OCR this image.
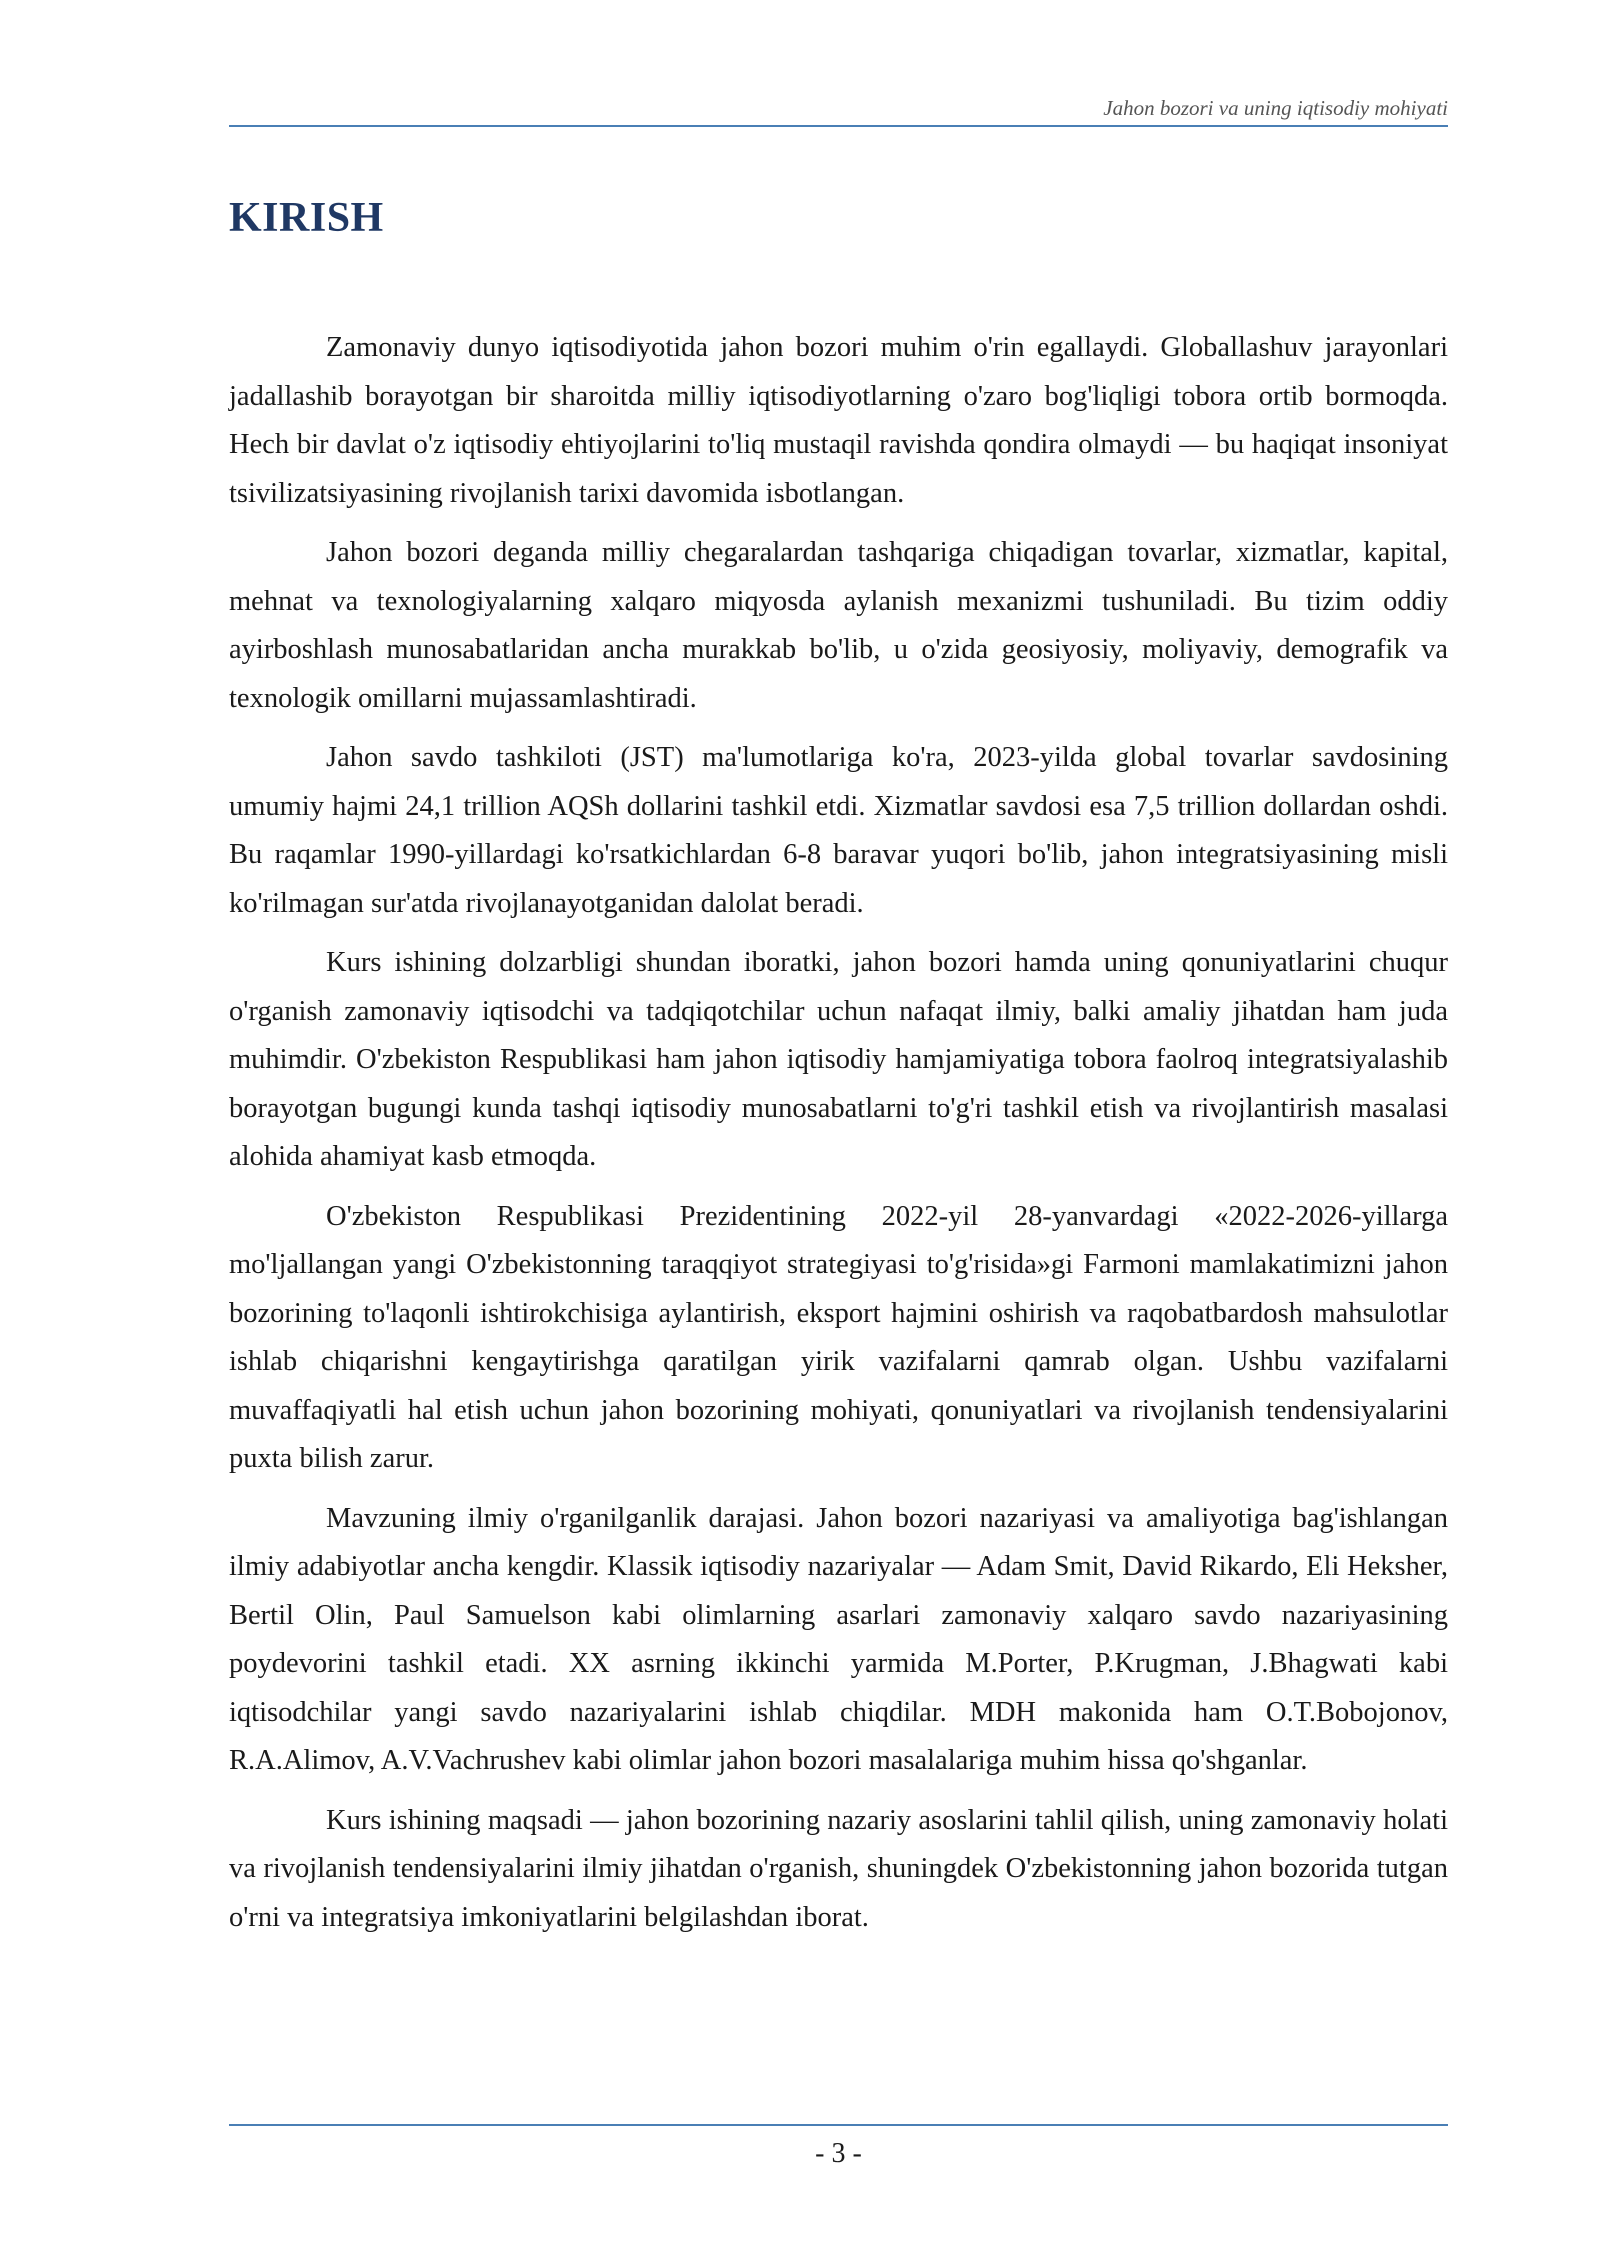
Jahon bozori va uning iqtisodiy mohiyati
KIRISH

Zamonaviy dunyo iqtisodiyotida jahon bozori muhim o'rin egallaydi. Globallashuv jarayonlari jadallashib borayotgan bir sharoitda milliy iqtisodiyotlarning o'zaro bog'liqligi tobora ortib bormoqda. Hech bir davlat o'z iqtisodiy ehtiyojlarini to'liq mustaqil ravishda qondira olmaydi — bu haqiqat insoniyat tsivilizatsiyasining rivojlanish tarixi davomida isbotlangan.

Jahon bozori deganda milliy chegaralardan tashqariga chiqadigan tovarlar, xizmatlar, kapital, mehnat va texnologiyalarning xalqaro miqyosda aylanish mexanizmi tushuniladi. Bu tizim oddiy ayirboshlash munosabatlaridan ancha murakkab bo'lib, u o'zida geosiyosiy, moliyaviy, demografik va texnologik omillarni mujassamlashtiradi.

Jahon savdo tashkiloti (JST) ma'lumotlariga ko'ra, 2023-yilda global tovarlar savdosining umumiy hajmi 24,1 trillion AQSh dollarini tashkil etdi. Xizmatlar savdosi esa 7,5 trillion dollardan oshdi. Bu raqamlar 1990-yillardagi ko'rsatkichlardan 6-8 baravar yuqori bo'lib, jahon integratsiyasining misli ko'rilmagan sur'atda rivojlanayotganidan dalolat beradi.

Kurs ishining dolzarbligi shundan iboratki, jahon bozori hamda uning qonuniyatlarini chuqur o'rganish zamonaviy iqtisodchi va tadqiqotchilar uchun nafaqat ilmiy, balki amaliy jihatdan ham juda muhimdir. O'zbekiston Respublikasi ham jahon iqtisodiy hamjamiyatiga tobora faolroq integratsiyalashib borayotgan bugungi kunda tashqi iqtisodiy munosabatlarni to'g'ri tashkil etish va rivojlantirish masalasi alohida ahamiyat kasb etmoqda.

O'zbekiston Respublikasi Prezidentining 2022-yil 28-yanvardagi «2022-2026-yillarga mo'ljallangan yangi O'zbekistonning taraqqiyot strategiyasi to'g'risida»gi Farmoni mamlakatimizni jahon bozorining to'laqonli ishtirokchisiga aylantirish, eksport hajmini oshirish va raqobatbardosh mahsulotlar ishlab chiqarishni kengaytirishga qaratilgan yirik vazifalarni qamrab olgan. Ushbu vazifalarni muvaffaqiyatli hal etish uchun jahon bozorining mohiyati, qonuniyatlari va rivojlanish tendensiyalarini puxta bilish zarur.

Mavzuning ilmiy o'rganilganlik darajasi. Jahon bozori nazariyasi va amaliyotiga bag'ishlangan ilmiy adabiyotlar ancha kengdir. Klassik iqtisodiy nazariyalar — Adam Smit, David Rikardo, Eli Heksher, Bertil Olin, Paul Samuelson kabi olimlarning asarlari zamonaviy xalqaro savdo nazariyasining poydevorini tashkil etadi. XX asrning ikkinchi yarmida M.Porter, P.Krugman, J.Bhagwati kabi iqtisodchilar yangi savdo nazariyalarini ishlab chiqdilar. MDH makonida ham O.T.Bobojonov, R.A.Alimov, A.V.Vachrushev kabi olimlar jahon bozori masalalariga muhim hissa qo'shganlar.

Kurs ishining maqsadi — jahon bozorining nazariy asoslarini tahlil qilish, uning zamonaviy holati va rivojlanish tendensiyalarini ilmiy jihatdan o'rganish, shuningdek O'zbekistonning jahon bozorida tutgan o'rni va integratsiya imkoniyatlarini belgilashdan iborat.

- 3 -
